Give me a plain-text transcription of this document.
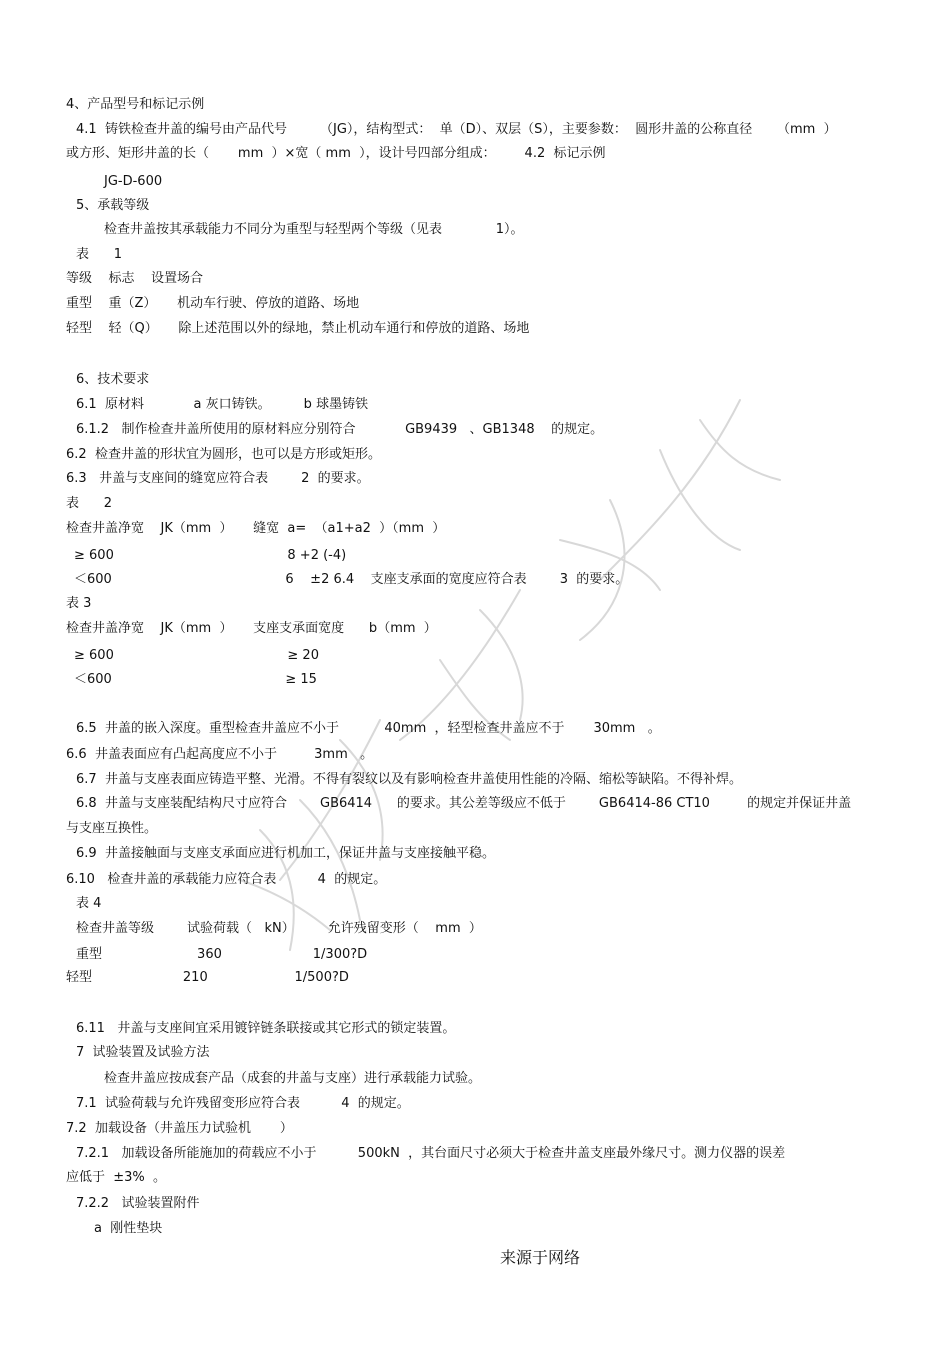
4、产品型号和标记示例
4.1  铸铁检查井盖的编号由产品代号        （JG），结构型式：  单（D）、双层（S），主要参数：  圆形井盖的公称直径      （mm  ）
或方形、矩形井盖的长（       mm  ）×宽（ mm  ），设计号四部分组成：       4.2  标记示例
JG-D-600
5、承载等级
检查井盖按其承载能力不同分为重型与轻型两个等级（见表             1）。
表      1
等级    标志    设置场合
重型    重（Z）     机动车行驶、停放的道路、场地
轻型    轻（Q）     除上述范围以外的绿地，禁止机动车通行和停放的道路、场地
6、技术要求
6.1  原材料            a 灰口铸铁。        b 球墨铸铁
6.1.2   制作检查井盖所使用的原材料应分别符合            GB9439   、GB1348    的规定。
6.2  检查井盖的形状宜为圆形，也可以是方形或矩形。
6.3   井盖与支座间的缝宽应符合表        2  的要求。
表      2
检查井盖净宽    JK（mm  ）     缝宽  a=  （a1+a2  ）（mm  ）
≥ 600                                          8 +2 (-4)
＜600                                          6    ±2 6.4    支座支承面的宽度应符合表        3  的要求。
表 3
检查井盖净宽    JK（mm  ）     支座支承面宽度      b（mm  ）
≥ 600                                          ≥ 20
＜600                                          ≥ 15
6.5  井盖的嵌入深度。重型检查井盖应不小于           40mm  ，轻型检查井盖应不于       30mm   。
6.6  井盖表面应有凸起高度应不小于         3mm   。
6.7  井盖与支座表面应铸造平整、光滑。不得有裂纹以及有影响检查井盖使用性能的冷隔、缩松等缺陷。不得补焊。
6.8  井盖与支座装配结构尺寸应符合        GB6414      的要求。其公差等级应不低于        GB6414-86 CT10         的规定并保证井盖
与支座互换性。
6.9  井盖接触面与支座支承面应进行机加工，保证井盖与支座接触平稳。
6.10   检查井盖的承载能力应符合表          4  的规定。
表 4
检查井盖等级        试验荷载（   kN）        允许残留变形（    mm  ）
重型                       360                      1/300?D
轻型                      210                     1/500?D
6.11   井盖与支座间宜采用镀锌链条联接或其它形式的锁定装置。
7  试验装置及试验方法
检查井盖应按成套产品（成套的井盖与支座）进行承载能力试验。
7.1  试验荷载与允许残留变形应符合表          4  的规定。
7.2  加载设备（井盖压力试验机       ）
7.2.1   加载设备所能施加的荷载应不小于          500kN  ，其台面尺寸必须大于检查井盖支座最外缘尺寸。测力仪器的误差
应低于  ±3%  。
7.2.2   试验装置附件
a  刚性垫块
来源于网络
